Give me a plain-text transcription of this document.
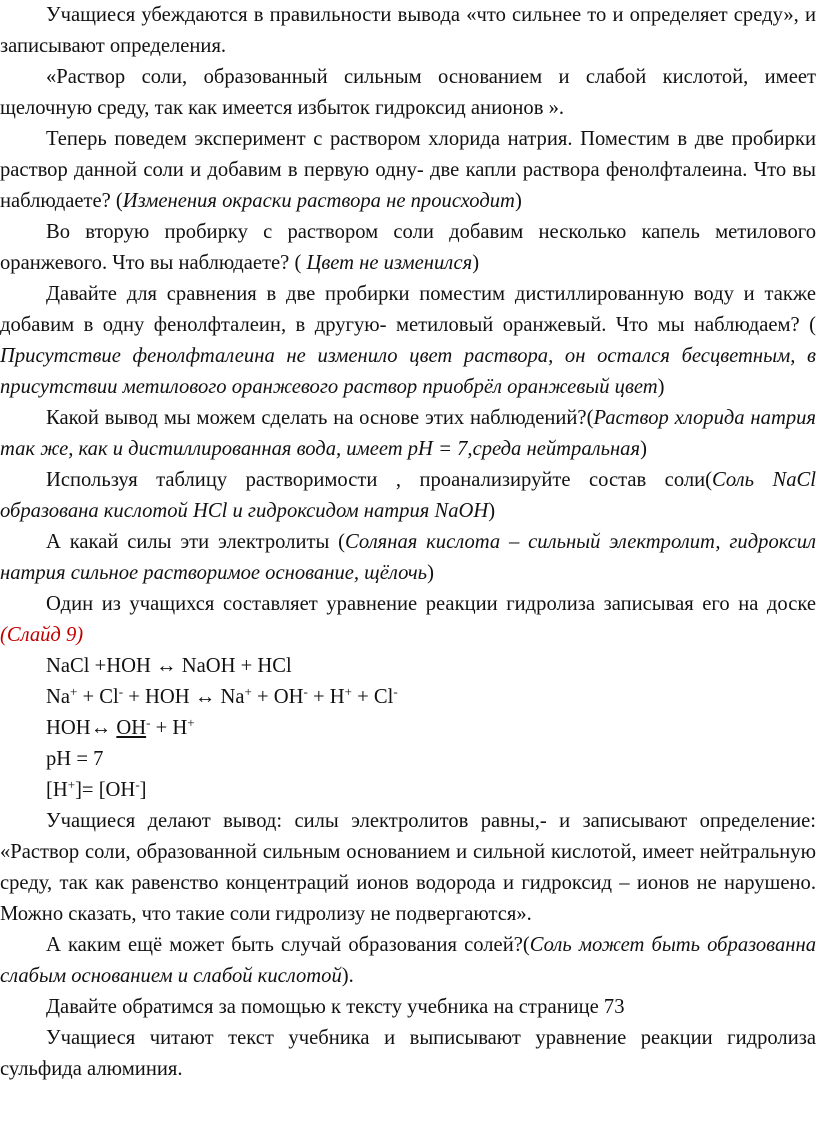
Учащиеся убеждаются в правильности вывода «что сильнее то и определяет среду», и записывают определения.

«Раствор соли, образованный сильным основанием и слабой кислотой, имеет щелочную среду, так как имеется избыток гидроксид анионов ».

Теперь поведем эксперимент с раствором хлорида натрия. Поместим в две пробирки раствор данной соли и добавим в первую одну- две капли раствора фенолфталеина. Что вы наблюдаете? (Изменения окраски раствора не происходит)

Во вторую пробирку с раствором соли добавим несколько капель метилового оранжевого. Что вы наблюдаете? ( Цвет не изменился)

Давайте для сравнения в две пробирки поместим дистиллированную воду и также добавим в одну фенолфталеин, в другую- метиловый оранжевый. Что мы наблюдаем? ( Присутствие фенолфталеина не изменило цвет раствора, он остался бесцветным, в присутствии метилового оранжевого раствор приобрёл оранжевый цвет)

Какой вывод мы можем сделать на основе этих наблюдений?(Раствор хлорида натрия так же, как и дистиллированная вода, имеет pH = 7,среда нейтральная)

Используя таблицу растворимости , проанализируйте состав соли(Соль NaCl образована кислотой HCl и гидроксидом натрия NaOH)

А какай силы эти электролиты (Соляная кислота – сильный электролит, гидроксил натрия сильное растворимое основание, щёлочь)

Один из учащихся составляет уравнение реакции гидролиза записывая его на доске (Слайд 9)

NaCl +HOH ↔ NaOH + HCl

Na+ + Cl- + HOH ↔ Na+ + OH- + H+ + Cl-

HOH↔ OH- + H+

pH = 7

[H+]= [OH-]

Учащиеся делают вывод: силы электролитов равны,- и записывают определение: «Раствор соли, образованной сильным основанием и сильной кислотой, имеет нейтральную среду, так как равенство концентраций ионов водорода и гидроксид – ионов не нарушено. Можно сказать, что такие соли гидролизу не подвергаются».

А каким ещё может быть случай образования солей?(Соль может быть образованна слабым основанием и слабой кислотой).

Давайте обратимся за помощью к тексту учебника на странице 73

Учащиеся читают текст учебника и выписывают уравнение реакции гидролиза сульфида алюминия.
